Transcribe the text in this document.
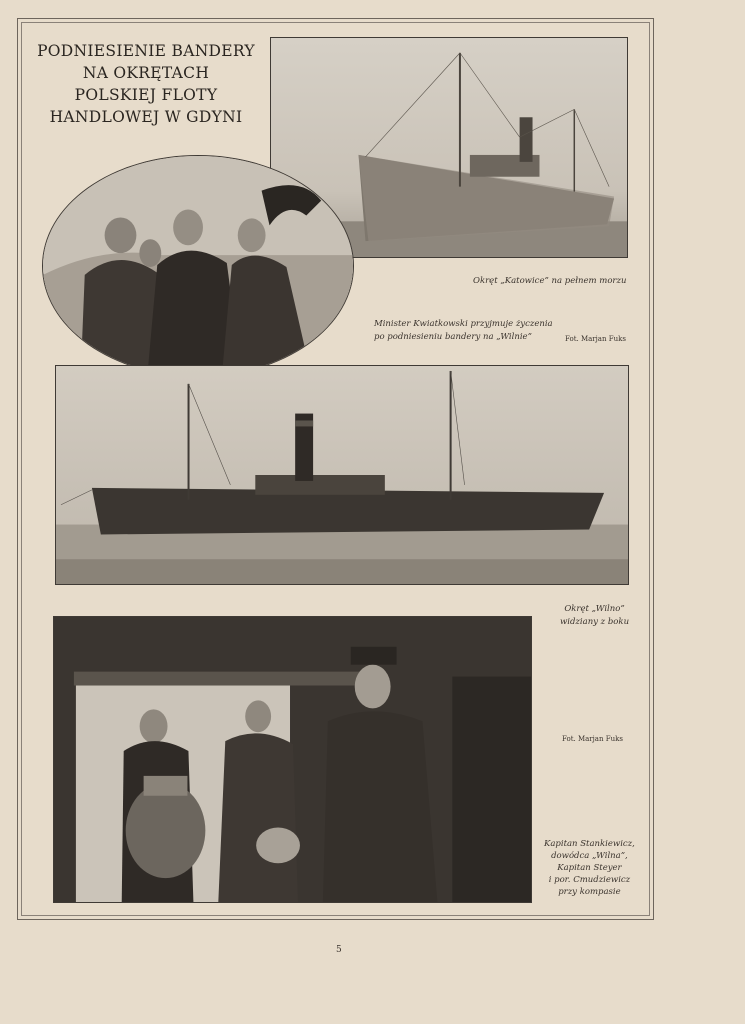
PODNIESIENIE BANDERY
NA OKRĘTACH
POLSKIEJ FLOTY
HANDLOWEJ W GDYNI
Okręt „Katowice” na pełnem morzu
Minister Kwiatkowski przyjmuje życzenia
po podniesieniu bandery na „Wilnie”	Fot. Marjan Fuks
Okręt „Wilno”
widziany z boku
Fot. Marjan Fuks
Kapitan Stankiewicz,
dowódca „Wilna”,
Kapitan Steyer
i por. Cmudziewicz
przy kompasie
5
